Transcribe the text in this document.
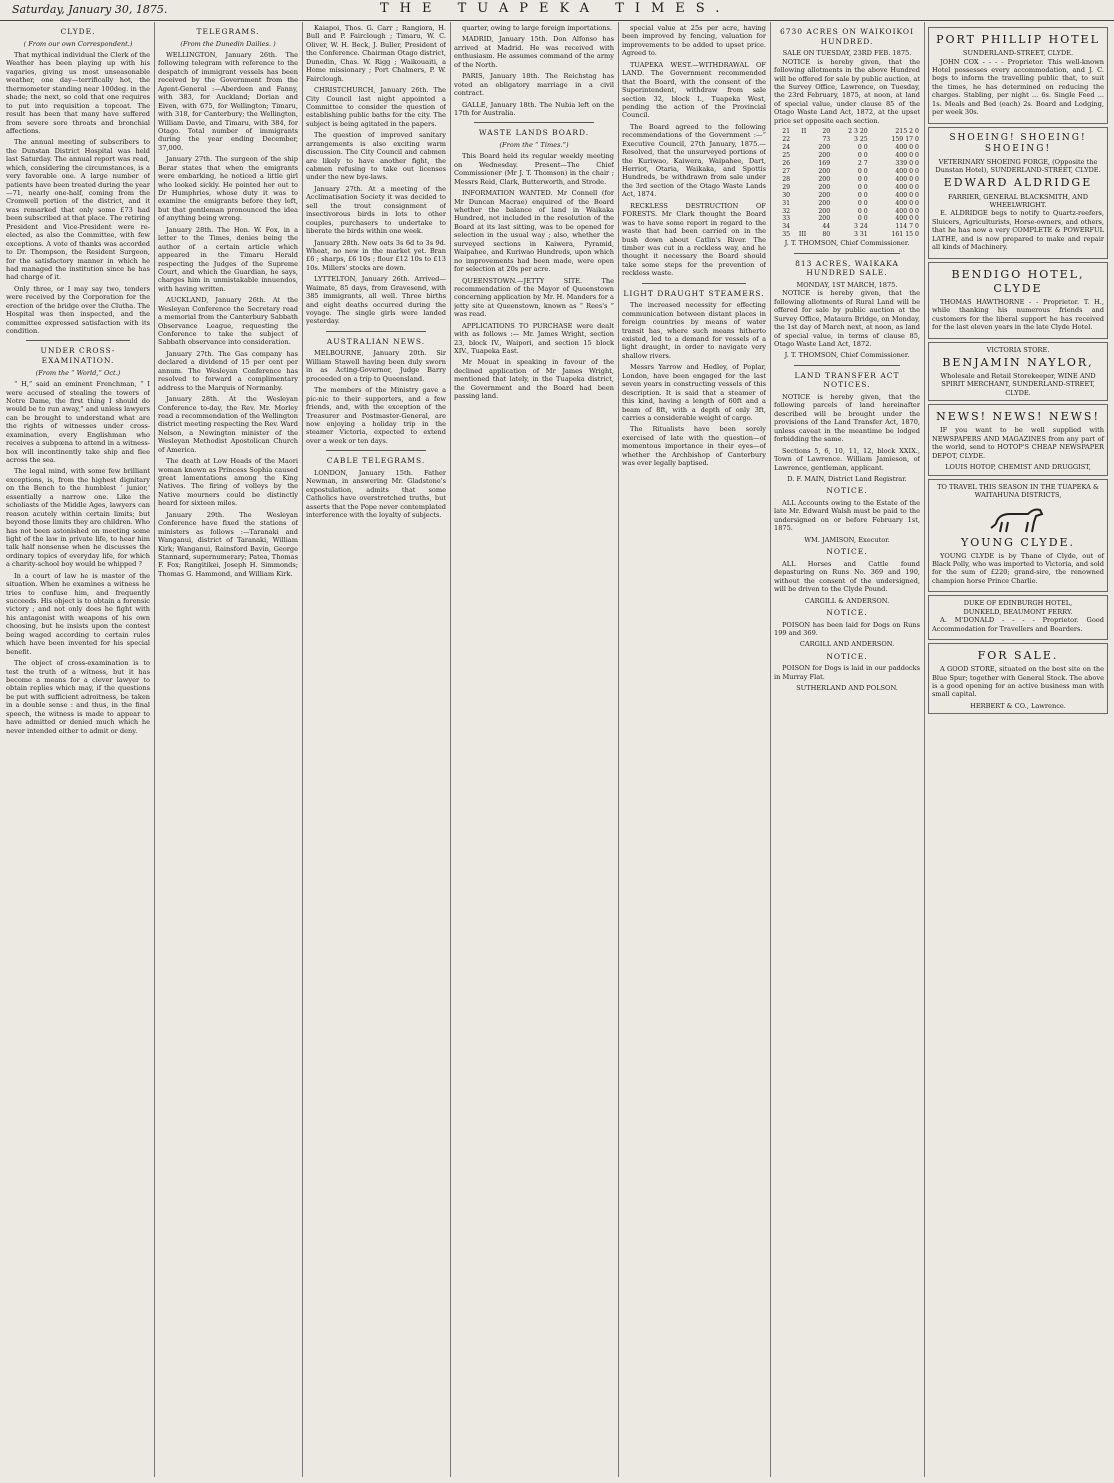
Saturday, January 30, 1875.	THE TUAPEKA TIMES.
CLYDE.
( From our own Correspondent.)

That mythical individual the Clerk of the Weather has been playing up with his vagaries, giving us most unseasonable weather, one day—terrifically hot, the thermometer standing near 100deg. in the shade; the next, so cold that one requires to put into requisition a topcoat. The result has been that many have suffered from severe sore throats and bronchial affections.

The annual meeting of subscribers to the Dunstan District Hospital was held last Saturday. The annual report was read, which, considering the circumstances, is a very favorable one. A large number of patients have been treated during the year—71, nearly one-half, coming from the Cromwell portion of the district, and it was remarked that only some £73 had been subscribed at that place. The retiring President and Vice-President were re-elected, as also the Committee, with few exceptions. A vote of thanks was accorded to Dr. Thompson, the Resident Surgeon, for the satisfactory manner in which he had managed the institution since he has had charge of it.

Only three, or I may say two, tenders were received by the Corporation for the erection of the bridge over the Clutha. The Hospital was then inspected, and the committee expressed satisfaction with its condition.

UNDER CROSS-EXAMINATION.
(From the “ World,” Oct.)

“ H,” said an eminent Frenchman, “ I were accused of stealing the towers of Notre Dame, the first thing I should do would be to run away,” and unless lawyers can be brought to understand what are the rights of witnesses under cross-examination, every Englishman who receives a subpœna to attend in a witness-box will incontinently take ship and flee across the sea.

The legal mind, with some few brilliant exceptions, is, from the highest dignitary on the Bench to the humblest ‘ junior,’ essentially a narrow one. Like the scholiasts of the Middle Ages, lawyers can reason acutely within certain limits; but beyond those limits they are children. Who has not been astonished on meeting some light of the law in private life, to hear him talk half nonsense when he discusses the ordinary topics of everyday life, for which a charity-school boy would be whipped ?

In a court of law he is master of the situation. When he examines a witness he tries to confuse him, and frequently succeeds. His object is to obtain a forensic victory ; and not only does he fight with his antagonist with weapons of his own choosing, but he insists upon the contest being waged according to certain rules which have been invented for his special benefit.

The object of cross-examination is to test the truth of a witness, but it has become a means for a clever lawyer to obtain replies which may, if the questions be put with sufficient adroitness, be taken in a double sense : and thus, in the final speech, the witness is made to appear to have admitted or denied much which he never intended either to admit or deny.

TELEGRAMS.
(From the Dunedin Dailies. )

WELLINGTON, January 26th. The following telegram with reference to the despatch of immigrant vessels has been received by the Government from the Agent-General :—Aberdeen and Fanny, with 383, for Auckland; Dorian and Eiven, with 675, for Wellington; Timaru, with 318, for Canterbury; the Wellington, William Davie, and Timaru, with 384, for Otago. Total number of immigrants during the year ending December, 37,000.

January 27th. The surgeon of the ship Berar states that when the emigrants were embarking, he noticed a little girl who looked sickly. He pointed her out to Dr Humphries, whose duty it was to examine the emigrants before they left, but that gentleman pronounced the idea of anything being wrong.

January 28th. The Hon. W. Fox, in a letter to the Times, denies being the author of a certain article which appeared in the Timaru Herald respecting the Judges of the Supreme Court, and which the Guardian, he says, charges him in unmistakable innuendos, with having written.

AUCKLAND, January 26th. At the Wesleyan Conference the Secretary read a memorial from the Canterbury Sabbath Observance League, requesting the Conference to take the subject of Sabbath observance into consideration.

January 27th. The Gas company has declared a dividend of 15 per cent per annum. The Wesleyan Conference has resolved to forward a complimentary address to the Marquis of Normanby.

January 28th. At the Wesleyan Conference to-day, the Rev. Mr. Morley read a recommendation of the Wellington district meeting respecting the Rev. Ward Nelson, a Newington minister of the Wesleyan Methodist Apostolican Church of America.

The death at Low Heads of the Maori woman known as Princess Sophia caused great lamentations among the King Natives. The firing of volleys by the Native mourners could be distinctly heard for sixteen miles.

January 29th. The Wesleyan Conference have fixed the stations of ministers as follows :—Taranaki and Wanganui, district of Taranaki, William Kirk; Wanganui, Rainsford Bavin, George Stannard, supernumerary; Patea, Thomas F. Fox; Rangitikei, Joseph H. Simmonds; Thomas G. Hammond, and William Kirk.

Kaiapoi, Thos. G. Carr ; Rangiora, H. Bull and P. Fairclough ; Timaru, W. C. Oliver, W. H. Beck, J. Buller, President of the Conference. Chairman Otago district, Dunedin, Chas. W. Rigg ; Waikouaiti, a Home missionary ; Port Chalmers, P. W. Fairclough.

CHRISTCHURCH, January 26th. The City Council last night appointed a Committee to consider the question of establishing public baths for the city. The subject is being agitated in the papers.

The question of improved sanitary arrangements is also exciting warm discussion. The City Council and cabmen are likely to have another fight, the cabmen refusing to take out licenses under the new bye-laws.

January 27th. At a meeting of the Acclimatisation Society it was decided to sell the trout consignment of insectivorous birds in lots to other couples, purchasers to undertake to liberate the birds within one week.

January 28th. New oats 3s 6d to 3s 9d. Wheat, no new in the market yet. Bran £6 ; sharps, £6 10s ; flour £12 10s to £13 10s. Millers' stocks are down.

LYTTELTON, January 26th. Arrived—Waimate, 85 days, from Gravesend, with 385 immigrants, all well. Three births and eight deaths occurred during the voyage. The single girls were landed yesterday.

AUSTRALIAN NEWS.

MELBOURNE, January 20th. Sir William Stawell having been duly sworn in as Acting-Governor, Judge Barry proceeded on a trip to Queensland.

The members of the Ministry gave a pic-nic to their supporters, and a few friends, and, with the exception of the Treasurer and Postmaster-General, are now enjoying a holiday trip in the steamer Victoria, expected to extend over a week or ten days.

CABLE TELEGRAMS.

LONDON, January 15th. Father Newman, in answering Mr. Gladstone's expostulation, admits that some Catholics have overstretched truths, but asserts that the Pope never contemplated interference with the loyalty of subjects.

quarter, owing to large foreign importations.

MADRID, January 15th. Don Alfonso has arrived at Madrid. He was received with enthusiasm. He assumes command of the army of the North.

PARIS, January 18th. The Reichstag has voted an obligatory marriage in a civil contract.

GALLE, January 18th. The Nubia left on the 17th for Australia.

WASTE LANDS BOARD.
(From the “ Times.”)

This Board held its regular weekly meeting on Wednesday. Present—The Chief Commissioner (Mr J. T. Thomson) in the chair ; Messrs Reid, Clark, Butterworth, and Strode.

INFORMATION WANTED. Mr Connell (for Mr Duncan Macrae) enquired of the Board whether the balance of land in Waikaka Hundred, not included in the resolution of the Board at its last sitting, was to be opened for selection in the usual way ; also, whether the surveyed sections in Kaiwera, Pyramid, Waipahee, and Kuriwao Hundreds, upon which no improvements had been made, were open for selection at 20s per acre.

QUEENSTOWN.—JETTY SITE. The recommendation of the Mayor of Queenstown concerning application by Mr. H. Manders for a jetty site at Queenstown, known as “ Rees's ” was read.

APPLICATIONS TO PURCHASE were dealt with as follows :— Mr. James Wright, section 23, block IV., Waipori, and section 15 block XIV., Tuapeka East.

Mr Mouat in speaking in favour of the declined application of Mr James Wright, mentioned that lately, in the Tuapeka district, the Government and the Board had been passing land.

special value at 25s per acre, having been improved by fencing, valuation for improvements to be added to upset price. Agreed to.

TUAPEKA WEST.—WITHDRAWAL OF LAND. The Government recommended that the Board, with the consent of the Superintendent, withdraw from sale section 32, block I., Tuapeka West, pending the action of the Provincial Council.

The Board agreed to the following recommendations of the Government :—“ Executive Council, 27th January, 1875.—Resolved, that the unsurveyed portions of the Kuriwao, Kaiwera, Waipahee, Dart, Herriot, Otaria, Waikaka, and Spottis Hundreds, be withdrawn from sale under the 3rd section of the Otago Waste Lands Act, 1874.

RECKLESS DESTRUCTION OF FORESTS. Mr Clark thought the Board was to have some report in regard to the waste that had been carried on in the bush down about Catlin's River. The timber was cut in a reckless way, and he thought it necessary the Board should take some steps for the prevention of reckless waste.

LIGHT DRAUGHT STEAMERS.

The increased necessity for effecting communication between distant places in foreign countries by means of water transit has, where such means hitherto existed, led to a demand for vessels of a light draught, in order to navigate very shallow rivers.

Messrs Yarrow and Hedley, of Poplar, London, have been engaged for the last seven years in constructing vessels of this description. It is said that a steamer of this kind, having a length of 60ft and a beam of 8ft, with a depth of only 3ft, carries a considerable weight of cargo.

The Ritualists have been sorely exercised of late with the question—of momentous importance in their eyes—of whether the Archbishop of Canterbury was ever legally baptised.

6730 ACRES ON WAIKOIKOI HUNDRED.
SALE ON TUESDAY, 23RD FEB. 1875.

NOTICE is hereby given, that the following allotments in the above Hundred will be offered for sale by public auction, at the Survey Office, Lawrence, on Tuesday, the 23rd February, 1875, at noon, at land of special value, under clause 85 of the Otago Waste Land Act, 1872, at the upset price set opposite each section.

21	II	20	2 3 20	215 2 0
22		73	3 25	159 17 0
24		200	0 0	400 0 0
25		200	0 0	400 0 0
26		169	2 7	339 0 0
27		200	0 0	400 0 0
28		200	0 0	400 0 0
29		200	0 0	400 0 0
30		200	0 0	400 0 0
31		200	0 0	400 0 0
32		200	0 0	400 0 0
33		200	0 0	400 0 0
34		44	3 24	114 7 0
35	III	80	3 31	161 15 0
J. T. THOMSON, Chief Commissioner.
813 ACRES, WAIKAKA HUNDRED SALE.
MONDAY, 1ST MARCH, 1875.

NOTICE is hereby given, that the following allotments of Rural Land will be offered for sale by public auction at the Survey Office, Mataura Bridge, on Monday, the 1st day of March next, at noon, as land of special value, in terms of clause 85, Otago Waste Land Act, 1872.

J. T. THOMSON, Chief Commissioner.
LAND TRANSFER ACT NOTICES.

NOTICE is hereby given, that the following parcels of land hereinafter described will be brought under the provisions of the Land Transfer Act, 1870, unless caveat in the meantime be lodged forbidding the same.

Sections 5, 6, 10, 11, 12, block XXIX., Town of Lawrence. William Jamieson, of Lawrence, gentleman, applicant.

D. F. MAIN, District Land Registrar.
NOTICE.

ALL Accounts owing to the Estate of the late Mr. Edward Walsh must be paid to the undersigned on or before February 1st, 1875.

WM. JAMISON, Executor.
NOTICE.

ALL Horses and Cattle found depasturing on Runs No. 369 and 190, without the consent of the undersigned, will be driven to the Clyde Pound.

CARGILL & ANDERSON.
NOTICE.

POISON has been laid for Dogs on Runs 199 and 369.

CARGILL AND ANDERSON.
NOTICE.

POISON for Dogs is laid in our paddocks in Murray Flat.

SUTHERLAND AND POLSON.
PORT PHILLIP HOTEL
SUNDERLAND-STREET, CLYDE.

JOHN COX - - - - Proprietor. This well-known Hotel possesses every accommodation, and J. C. begs to inform the travelling public that, to suit the times, he has determined on reducing the charges. Stabling, per night ... 6s. Single Feed ... 1s. Meals and Bed (each) 2s. Board and Lodging, per week 30s.

SHOEING! SHOEING! SHOEING!
VETERINARY SHOEING FORGE, (Opposite the Dunstan Hotel), SUNDERLAND-STREET, CLYDE.
EDWARD ALDRIDGE
FARRIER, GENERAL BLACKSMITH, AND WHEELWRIGHT.

E. ALDRIDGE begs to notify to Quartz-reefers, Sluicers, Agriculturists, Horse-owners, and others, that he has now a very COMPLETE & POWERFUL LATHE, and is now prepared to make and repair all kinds of Machinery.

BENDIGO HOTEL, CLYDE

THOMAS HAWTHORNE - - Proprietor. T. H., while thanking his numerous friends and customers for the liberal support he has received for the last eleven years in the late Clyde Hotel.

VICTORIA STORE.
BENJAMIN NAYLOR,
Wholesale and Retail Storekeeper, WINE AND SPIRIT MERCHANT, SUNDERLAND-STREET, CLYDE.
NEWS! NEWS! NEWS!

IF you want to be well supplied with NEWSPAPERS AND MAGAZINES from any part of the world, send to HOTOP'S CHEAP NEWSPAPER DEPOT, CLYDE.

LOUIS HOTOP, CHEMIST AND DRUGGIST,
TO TRAVEL THIS SEASON IN THE TUAPEKA & WAITAHUNA DISTRICTS,
YOUNG CLYDE.

YOUNG CLYDE is by Thane of Clyde, out of Black Polly, who was imported to Victoria, and sold for the sum of £220; grand-sire, the renowned champion horse Prince Charlie.

DUKE OF EDINBURGH HOTEL,
DUNKELD, BEAUMONT FERRY.

A. M'DONALD - - - - Proprietor. Good Accommodation for Travellers and Boarders.

FOR SALE.

A GOOD STORE, situated on the best site on the Blue Spur; together with General Stock. The above is a good opening for an active business man with small capital.

HERBERT & CO., Lawrence.
